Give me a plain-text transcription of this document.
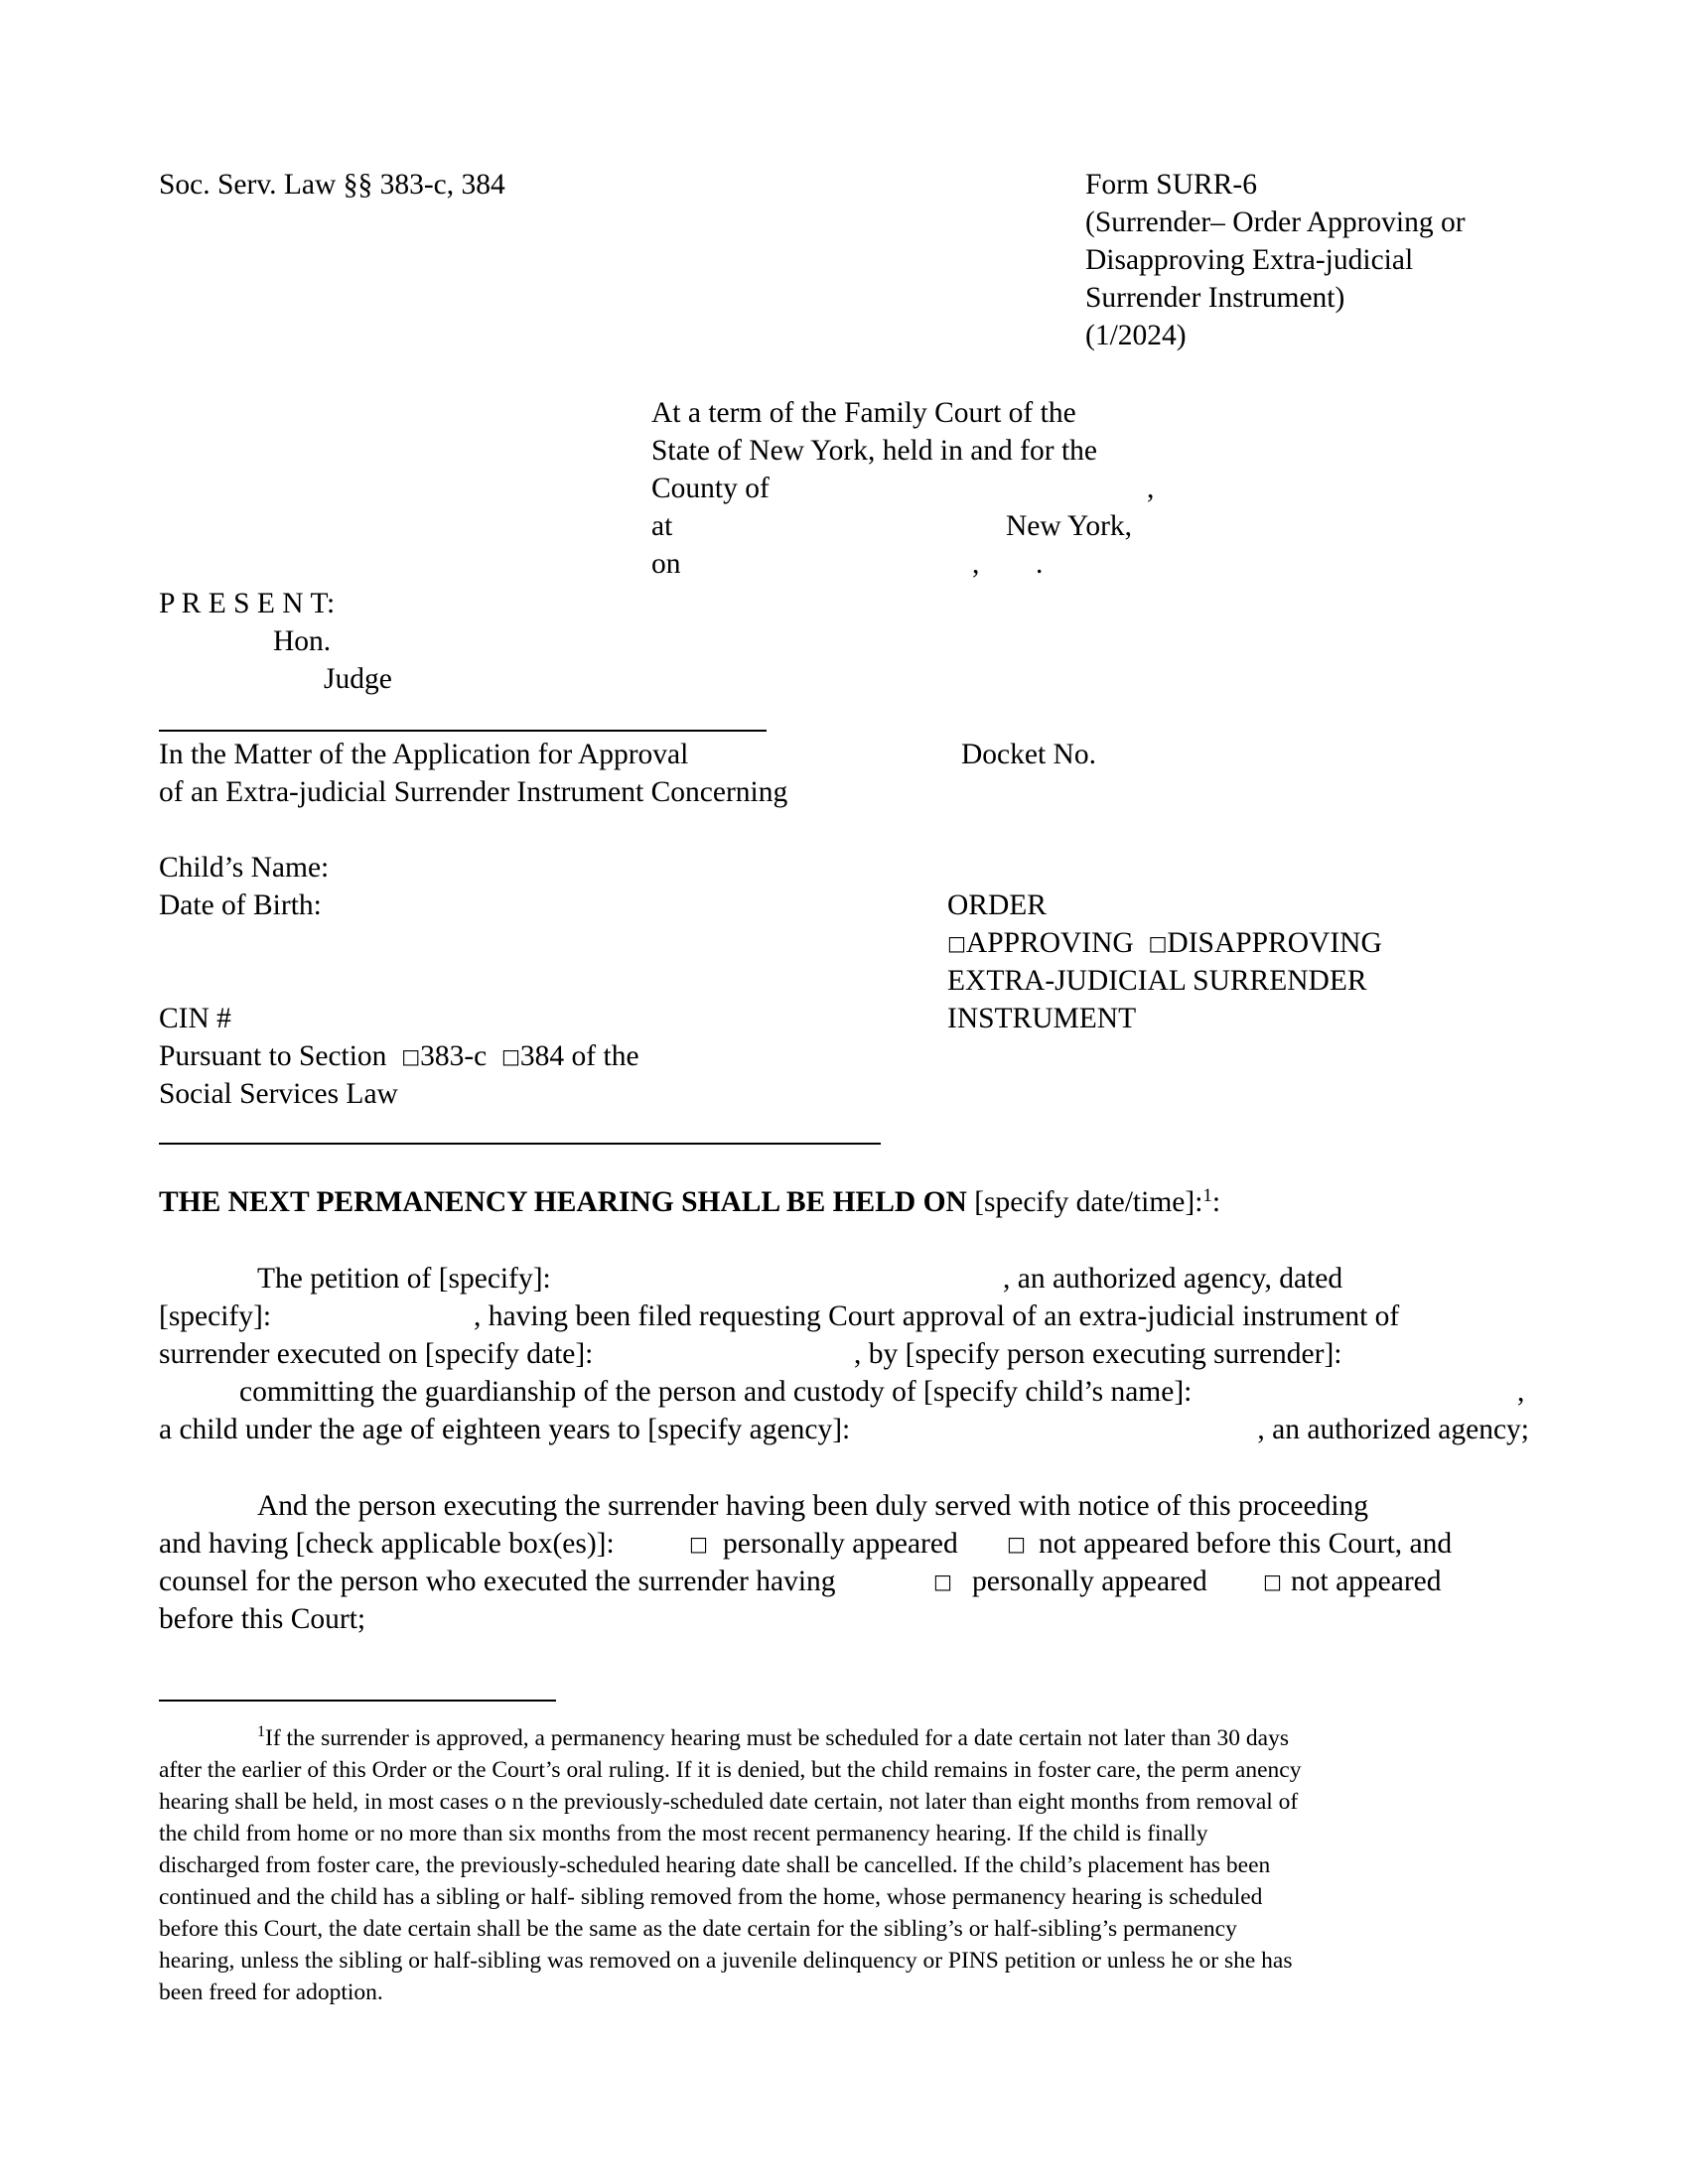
Soc. Serv. Law §§ 383-c, 384	Form SURR-6
(Surrender– Order Approving or
Disapproving Extra-judicial
Surrender Instrument)
(1/2024)
At a term of the Family Court of the
State of New York, held in and for the
County of	,
at	New York,
on	, .
P R E S E N T:
Hon.
Judge
In the Matter of the Application for Approval
of an Extra-judicial Surrender Instrument Concerning
Docket No.
Child’s Name:
Date of Birth:	ORDER
□APPROVING □DISAPPROVING
EXTRA-JUDICIAL SURRENDER
INSTRUMENT
CIN #
Pursuant to Section □383-c □384 of the
Social Services Law
THE NEXT PERMANENCY HEARING SHALL BE HELD ON [specify date/time]:$^1$:
The petition of [specify]:	, an authorized agency, dated
[specify]:	, having been filed requesting Court approval of an extra-judicial instrument of
surrender executed on [specify date]:	, by [specify person executing surrender]:
committing the guardianship of the person and custody of [specify child’s name]:	,
a child under the age of eighteen years to [specify agency]:	, an authorized agency;
And the person executing the surrender having been duly served with notice of this proceeding
and having [check applicable box(es)]:	□ personally appeared □ not appeared before this Court, and
counsel for the person who executed the surrender having	□ personally appeared	□ not appeared
before this Court;
$^1$If the surrender is approved, a permanency hearing must be scheduled for a date certain not later than 30 days
after the earlier of this Order or the Court’s oral ruling. If it is denied, but the child remains in foster care, the perm anency
hearing shall be held, in most cases o n the previously-scheduled date certain, not later than eight months from removal of
the child from home or no more than six months from the most recent permanency hearing. If the child is finally
discharged from foster care, the previously-scheduled hearing date shall be cancelled. If the child’s placement has been
continued and the child has a sibling or half- sibling removed from the home, whose permanency hearing is scheduled
before this Court, the date certain shall be the same as the date certain for the sibling’s or half-sibling’s permanency
hearing, unless the sibling or half-sibling was removed on a juvenile delinquency or PINS petition or unless he or she has
been freed for adoption.
